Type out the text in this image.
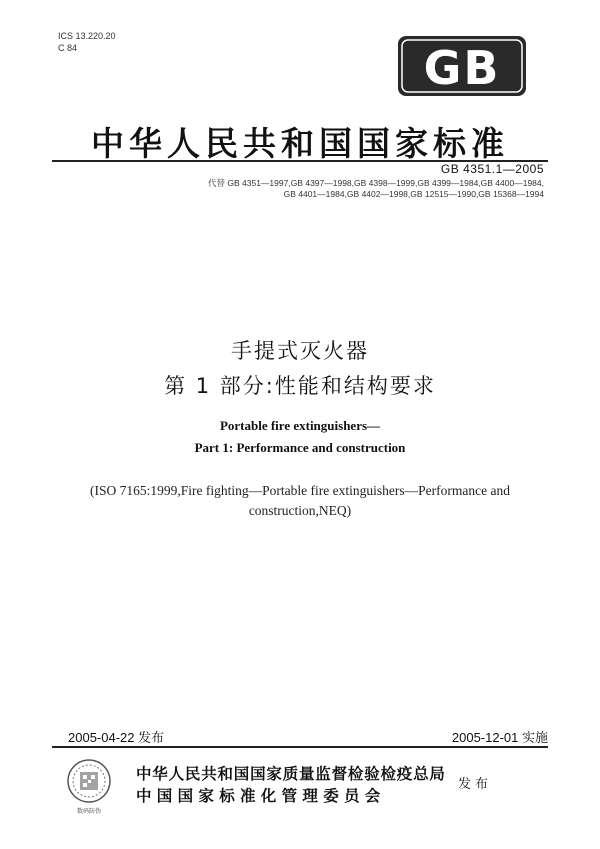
ICS 13.220.20
C 84	GB
中华人民共和国国家标准
GB 4351.1—2005
代替 GB 4351—1997,GB 4397—1998,GB 4398—1999,GB 4399—1984,GB 4400—1984,
GB 4401—1984,GB 4402—1998,GB 12515—1990,GB 15368—1994
手提式灭火器
第 1 部分:性能和结构要求
Portable fire extinguishers—
Part 1: Performance and construction
(ISO 7165:1999,Fire fighting—Portable fire extinguishers—Performance and
construction,NEQ)
2005-04-22 发布	2005-12-01 实施
数码防伪
中华人民共和国国家质量监督检验检疫总局
中国国家标准化管理委员会
发布
